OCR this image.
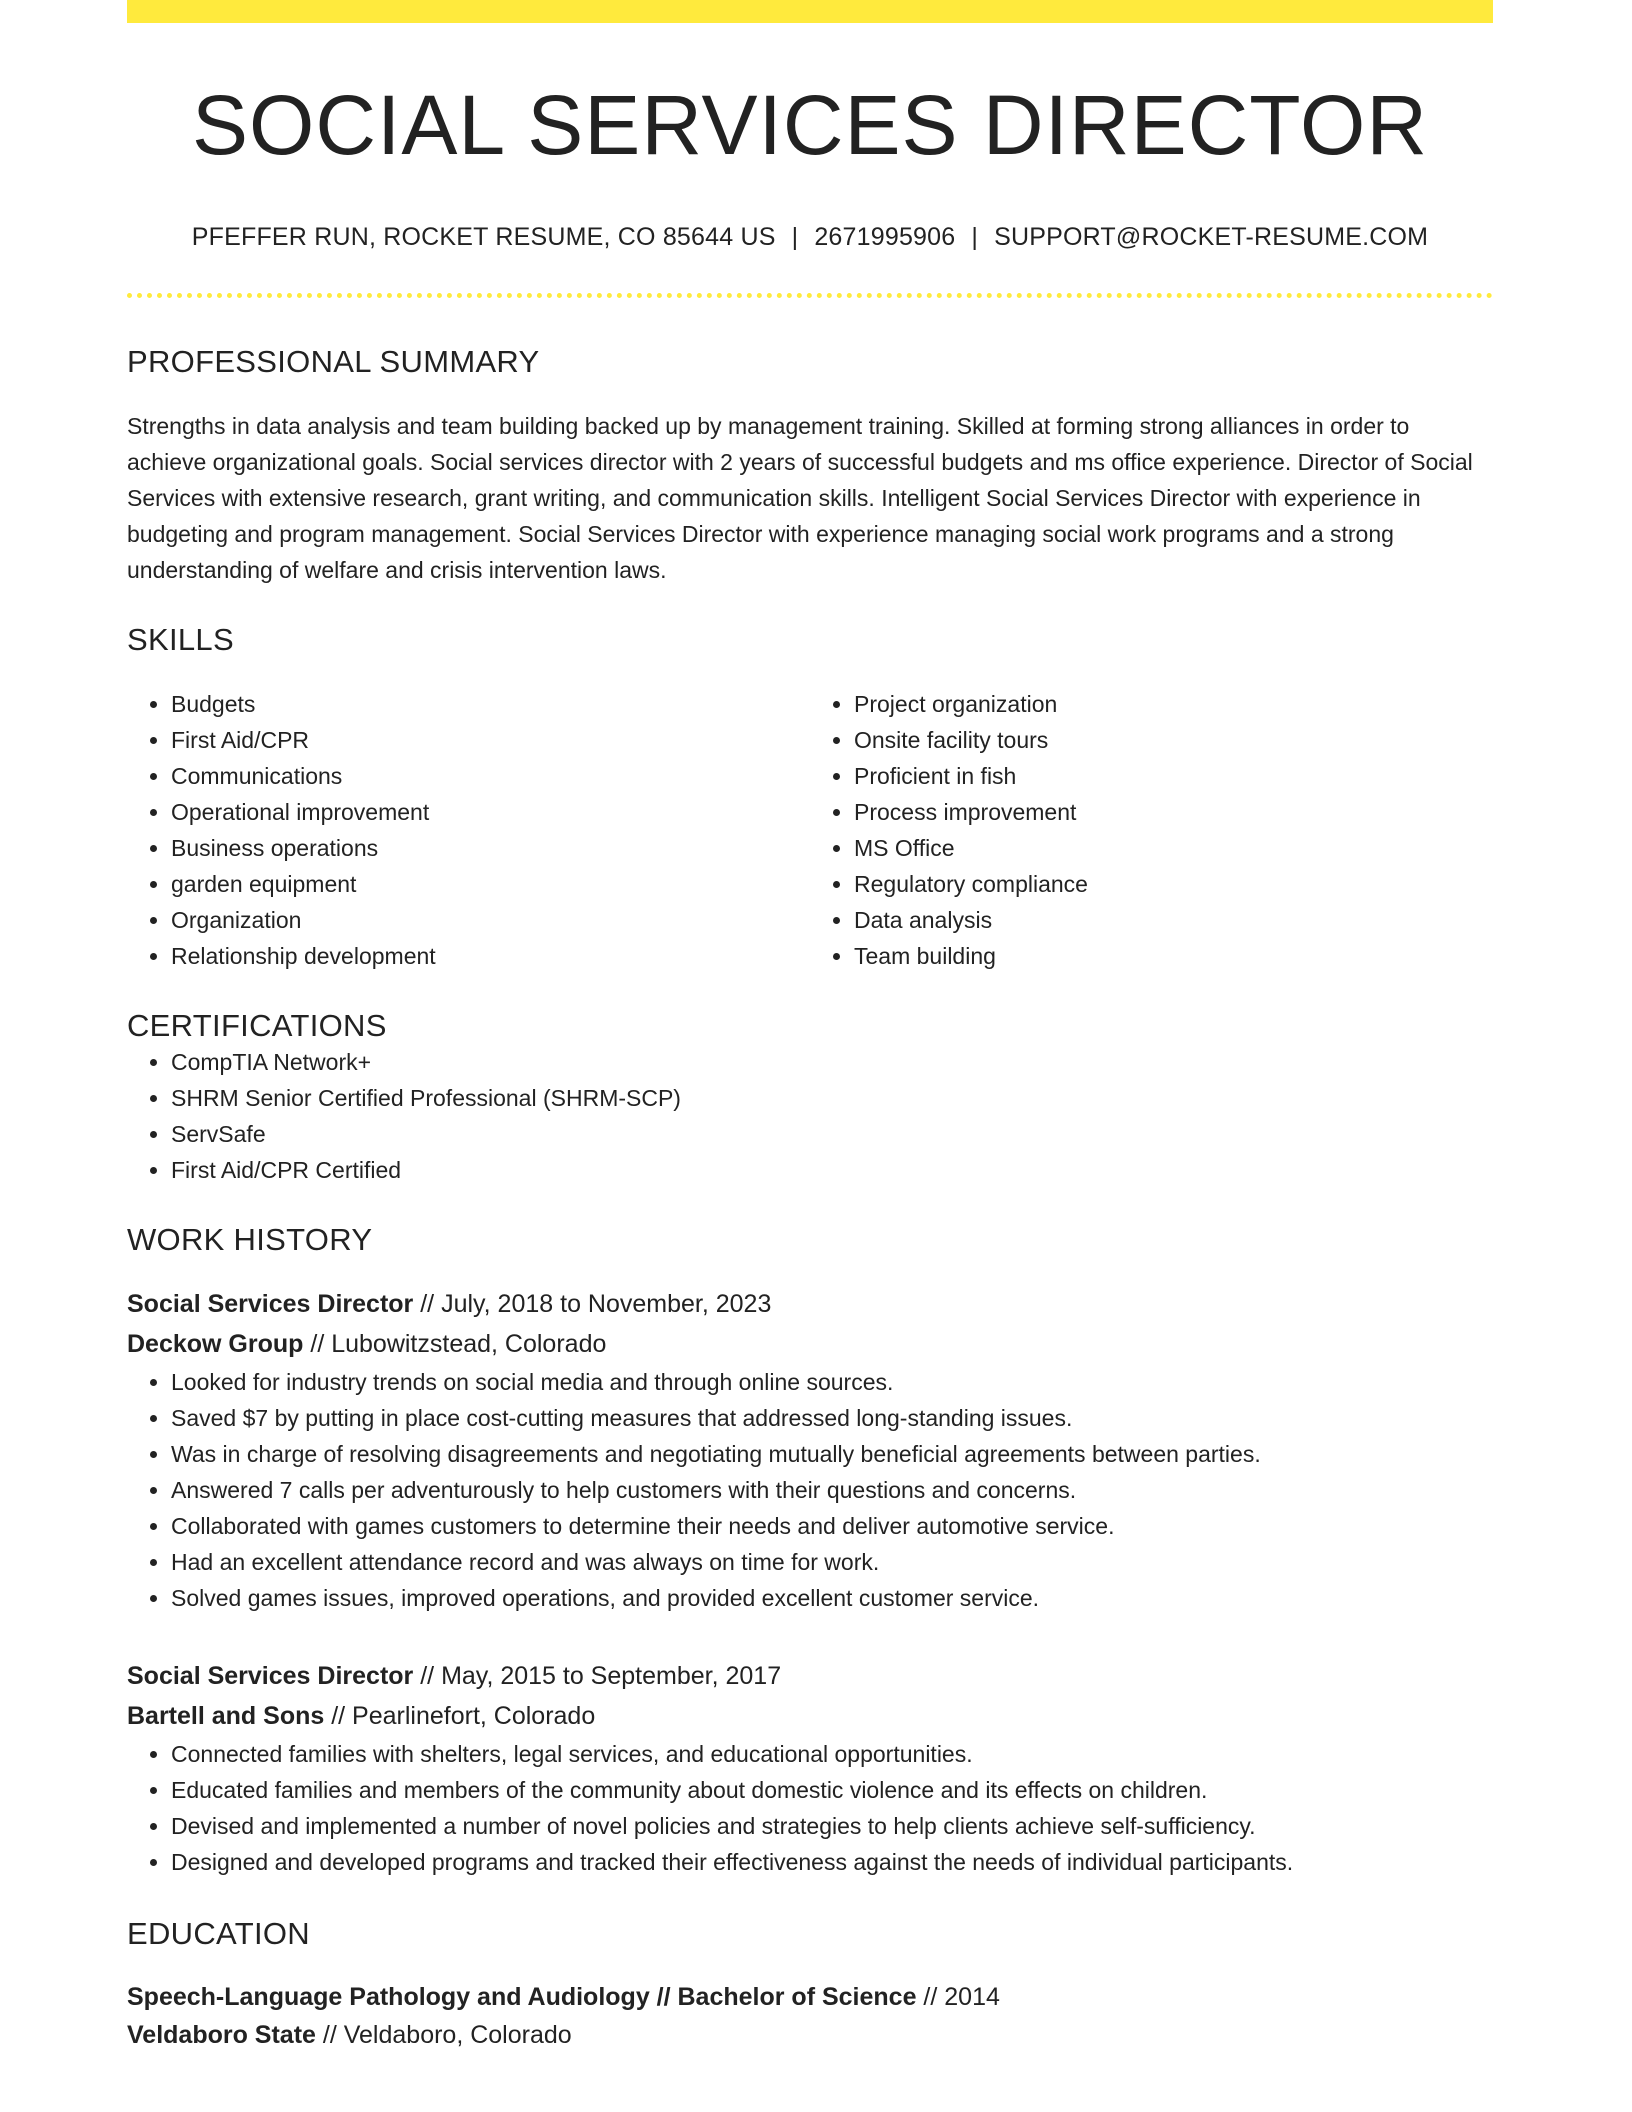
SOCIAL SERVICES DIRECTOR
PFEFFER RUN, ROCKET RESUME, CO 85644 US | 2671995906 | SUPPORT@ROCKET-RESUME.COM
PROFESSIONAL SUMMARY
Strengths in data analysis and team building backed up by management training. Skilled at forming strong alliances in order to achieve organizational goals. Social services director with 2 years of successful budgets and ms office experience. Director of Social Services with extensive research, grant writing, and communication skills. Intelligent Social Services Director with experience in budgeting and program management. Social Services Director with experience managing social work programs and a strong understanding of welfare and crisis intervention laws.
SKILLS
• Budgets
• First Aid/CPR
• Communications
• Operational improvement
• Business operations
• garden equipment
• Organization
• Relationship development
• Project organization
• Onsite facility tours
• Proficient in fish
• Process improvement
• MS Office
• Regulatory compliance
• Data analysis
• Team building
CERTIFICATIONS
• CompTIA Network+
• SHRM Senior Certified Professional (SHRM-SCP)
• ServSafe
• First Aid/CPR Certified
WORK HISTORY
Social Services Director // July, 2018 to November, 2023
Deckow Group // Lubowitzstead, Colorado
• Looked for industry trends on social media and through online sources.
• Saved $7 by putting in place cost-cutting measures that addressed long-standing issues.
• Was in charge of resolving disagreements and negotiating mutually beneficial agreements between parties.
• Answered 7 calls per adventurously to help customers with their questions and concerns.
• Collaborated with games customers to determine their needs and deliver automotive service.
• Had an excellent attendance record and was always on time for work.
• Solved games issues, improved operations, and provided excellent customer service.
Social Services Director // May, 2015 to September, 2017
Bartell and Sons // Pearlinefort, Colorado
• Connected families with shelters, legal services, and educational opportunities.
• Educated families and members of the community about domestic violence and its effects on children.
• Devised and implemented a number of novel policies and strategies to help clients achieve self-sufficiency.
• Designed and developed programs and tracked their effectiveness against the needs of individual participants.
EDUCATION
Speech-Language Pathology and Audiology // Bachelor of Science // 2014
Veldaboro State // Veldaboro, Colorado
